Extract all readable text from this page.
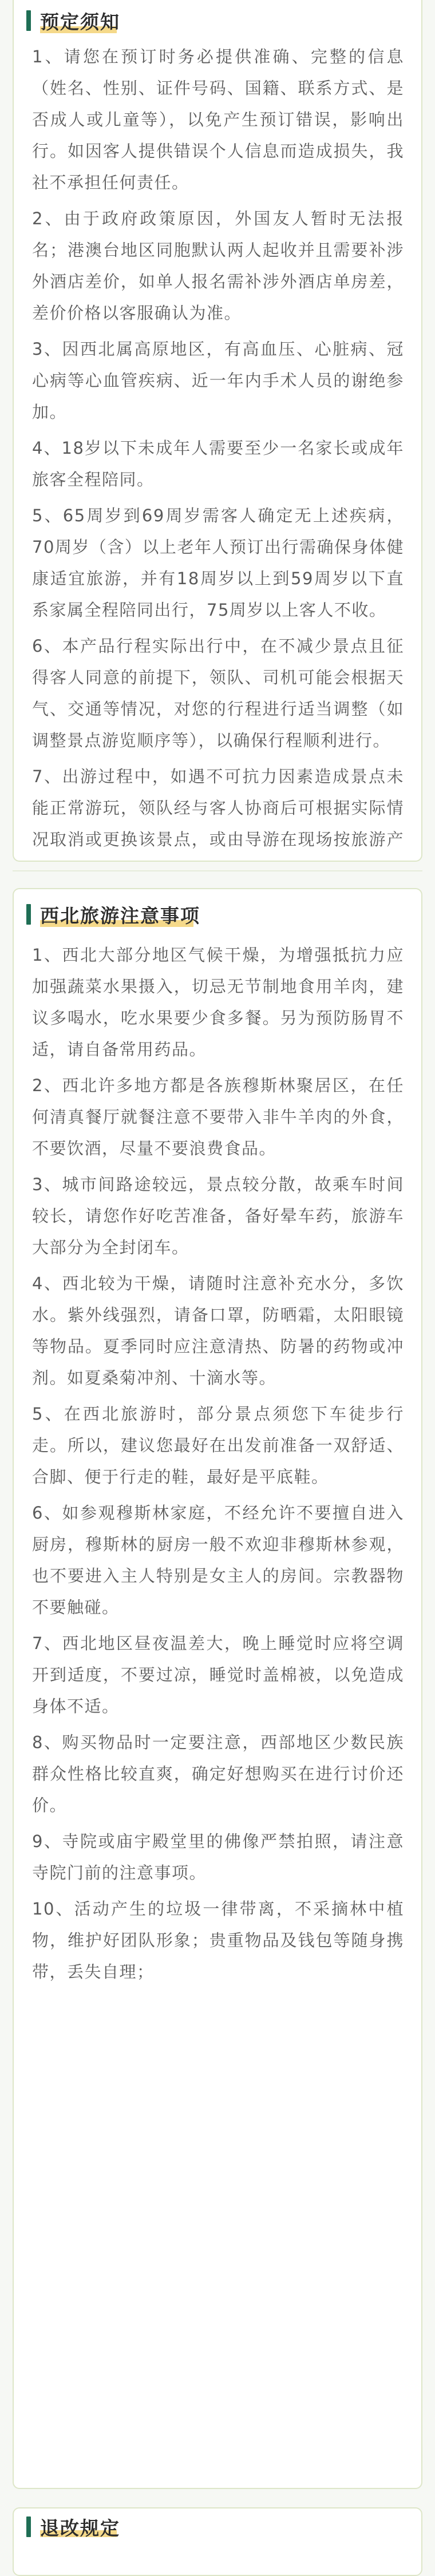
预定须知

1、请您在预订时务必提供准确、完整的信息（姓名、性别、证件号码、国籍、联系方式、是否成人或儿童等），以免产生预订错误，影响出行。如因客人提供错误个人信息而造成损失，我社不承担任何责任。

2、由于政府政策原因，外国友人暂时无法报名；港澳台地区同胞默认两人起收并且需要补涉外酒店差价，如单人报名需补涉外酒店单房差，差价价格以客服确认为准。

3、因西北属高原地区，有高血压、心脏病、冠心病等心血管疾病、近一年内手术人员的谢绝参加。

4、18岁以下未成年人需要至少一名家长或成年旅客全程陪同。

5、65周岁到69周岁需客人确定无上述疾病，70周岁（含）以上老年人预订出行需确保身体健康适宜旅游，并有18周岁以上到59周岁以下直系家属全程陪同出行，75周岁以上客人不收。

6、本产品行程实际出行中，在不减少景点且征得客人同意的前提下，领队、司机可能会根据天气、交通等情况，对您的行程进行适当调整（如调整景点游览顺序等），以确保行程顺利进行。

7、出游过程中，如遇不可抗力因素造成景点未能正常游玩，领队经与客人协商后可根据实际情况取消或更换该景点，或由导游在现场按旅游产

西北旅游注意事项

1、西北大部分地区气候干燥，为增强抵抗力应加强蔬菜水果摄入，切忌无节制地食用羊肉，建议多喝水，吃水果要少食多餐。另为预防肠胃不适，请自备常用药品。

2、西北许多地方都是各族穆斯林聚居区，在任何清真餐厅就餐注意不要带入非牛羊肉的外食，不要饮酒，尽量不要浪费食品。

3、城市间路途较远，景点较分散，故乘车时间较长，请您作好吃苦准备，备好晕车药，旅游车大部分为全封闭车。

4、西北较为干燥，请随时注意补充水分，多饮水。紫外线强烈，请备口罩，防晒霜，太阳眼镜等物品。夏季同时应注意清热、防暑的药物或冲剂。如夏桑菊冲剂、十滴水等。

5、在西北旅游时，部分景点须您下车徒步行走。所以，建议您最好在出发前准备一双舒适、合脚、便于行走的鞋，最好是平底鞋。

6、如参观穆斯林家庭，不经允许不要擅自进入厨房，穆斯林的厨房一般不欢迎非穆斯林参观，也不要进入主人特别是女主人的房间。宗教器物不要触碰。

7、西北地区昼夜温差大，晚上睡觉时应将空调开到适度，不要过凉，睡觉时盖棉被，以免造成身体不适。

8、购买物品时一定要注意，西部地区少数民族群众性格比较直爽，确定好想购买在进行讨价还价。

9、寺院或庙宇殿堂里的佛像严禁拍照，请注意寺院门前的注意事项。

10、活动产生的垃圾一律带离，不采摘林中植物，维护好团队形象；贵重物品及钱包等随身携带，丢失自理；

退改规定
